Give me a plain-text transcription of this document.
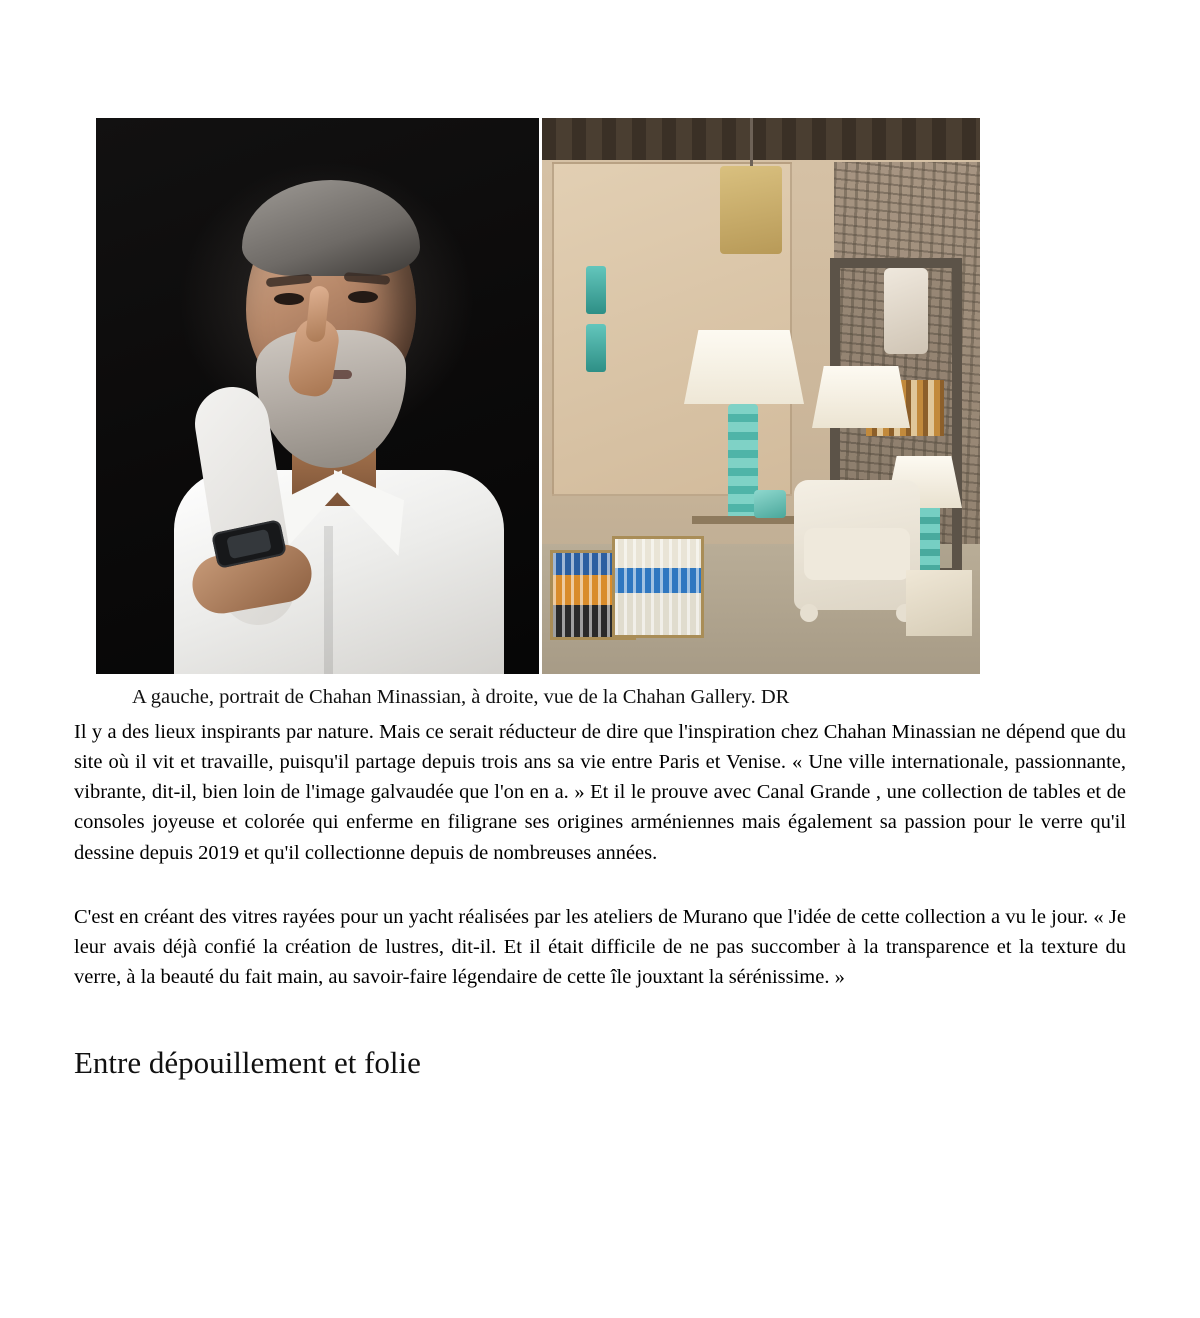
A gauche, portrait de Chahan Minassian, à droite, vue de la Chahan Gallery. DR

Il y a des lieux inspirants par nature. Mais ce serait réducteur de dire que l'inspiration chez Chahan Minassian ne dépend que du site où il vit et travaille, puisqu'il partage depuis trois ans sa vie entre Paris et Venise. « Une ville internationale, passionnante, vibrante, dit-il, bien loin de l'image galvaudée que l'on en a. » Et il le prouve avec Canal Grande , une collection de tables et de consoles joyeuse et colorée qui enferme en filigrane ses origines arméniennes mais également sa passion pour le verre qu'il dessine depuis 2019 et qu'il collectionne depuis de nombreuses années.

C'est en créant des vitres rayées pour un yacht réalisées par les ateliers de Murano que l'idée de cette collection a vu le jour. « Je leur avais déjà confié la création de lustres, dit-il. Et il était difficile de ne pas succomber à la transparence et la texture du verre, à la beauté du fait main, au savoir-faire légendaire de cette île jouxtant la sérénissime. »

Entre dépouillement et folie
